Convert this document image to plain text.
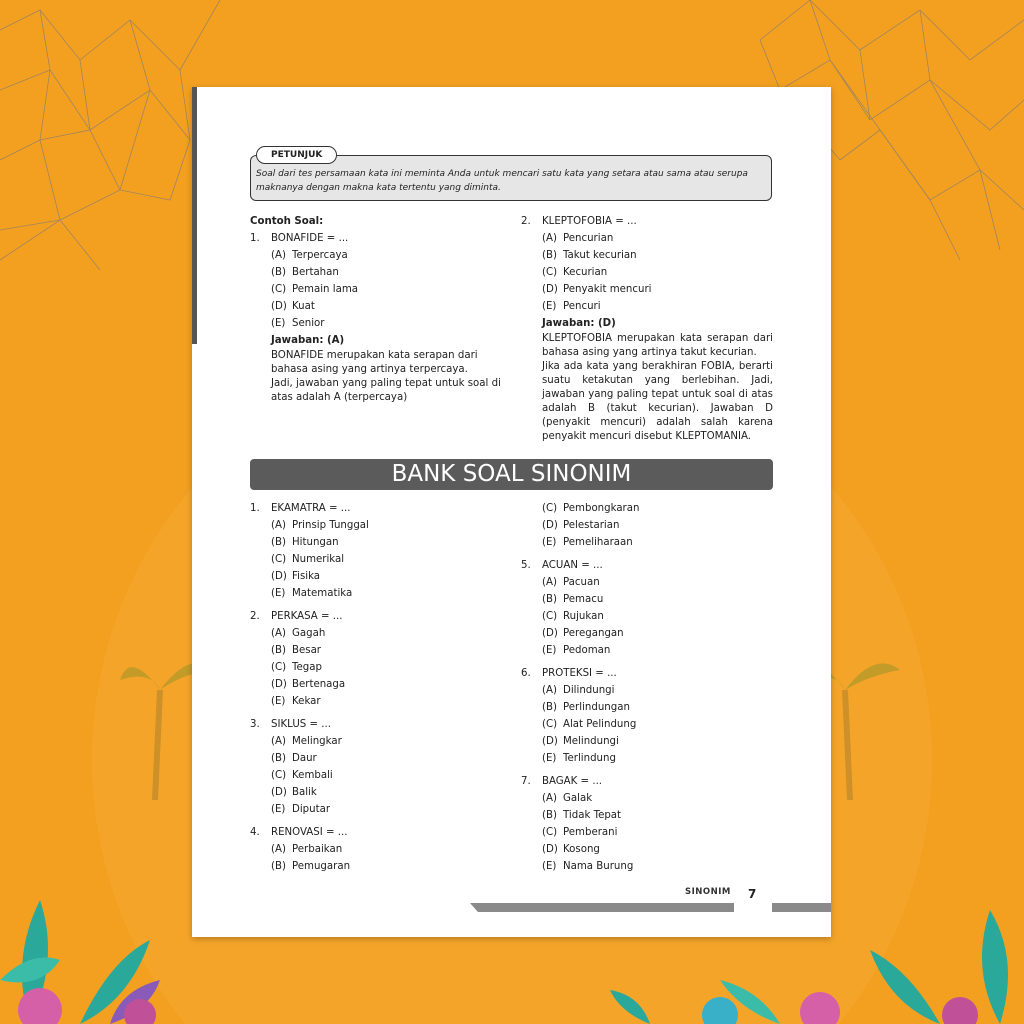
PETUNJUK
Soal dari tes persamaan kata ini meminta Anda untuk mencari satu kata yang setara atau sama atau serupa maknanya dengan makna kata tertentu yang diminta.
Contoh Soal:
1. BONAFIDE = ...
(A) Terpercaya
(B) Bertahan
(C) Pemain lama
(D) Kuat
(E) Senior
Jawaban: (A)
BONAFIDE merupakan kata serapan dari bahasa asing yang artinya terpercaya.
Jadi, jawaban yang paling tepat untuk soal di atas adalah A (terpercaya)
2. KLEPTOFOBIA = ...
(A) Pencurian
(B) Takut kecurian
(C) Kecurian
(D) Penyakit mencuri
(E) Pencuri
Jawaban: (D)
KLEPTOFOBIA merupakan kata serapan dari bahasa asing yang artinya takut kecurian.
Jika ada kata yang berakhiran FOBIA, berarti suatu ketakutan yang berlebihan. Jadi, jawaban yang paling tepat untuk soal di atas adalah B (takut kecurian). Jawaban D (penyakit mencuri) adalah salah karena penyakit mencuri disebut KLEPTOMANIA.
BANK SOAL SINONIM
1. EKAMATRA = ...
(A) Prinsip Tunggal
(B) Hitungan
(C) Numerikal
(D) Fisika
(E) Matematika
2. PERKASA = ...
(A) Gagah
(B) Besar
(C) Tegap
(D) Bertenaga
(E) Kekar
3. SIKLUS = ...
(A) Melingkar
(B) Daur
(C) Kembali
(D) Balik
(E) Diputar
4. RENOVASI = ...
(A) Perbaikan
(B) Pemugaran
(C) Pembongkaran
(D) Pelestarian
(E) Pemeliharaan
5. ACUAN = ...
(A) Pacuan
(B) Pemacu
(C) Rujukan
(D) Peregangan
(E) Pedoman
6. PROTEKSI = ...
(A) Dilindungi
(B) Perlindungan
(C) Alat Pelindung
(D) Melindungi
(E) Terlindung
7. BAGAK = ...
(A) Galak
(B) Tidak Tepat
(C) Pemberani
(D) Kosong
(E) Nama Burung
SINONIM 7
